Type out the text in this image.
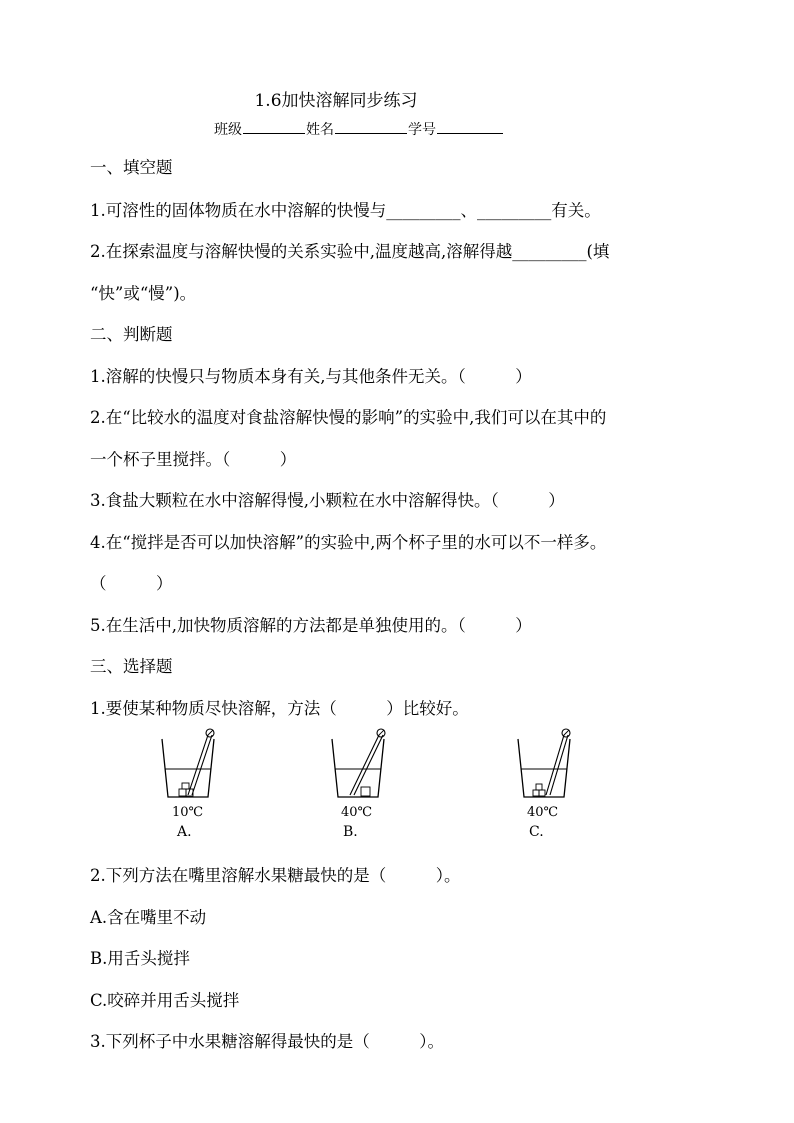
1.6加快溶解同步练习
班级	姓名	学号
一、填空题
1.可溶性的固体物质在水中溶解的快慢与_________、_________有关。
2.在探索温度与溶解快慢的关系实验中,温度越高,溶解得越_________(填
“快”或“慢”)。
二、判断题
1.溶解的快慢只与物质本身有关,与其他条件无关。（　　　）
2.在“比较水的温度对食盐溶解快慢的影响”的实验中,我们可以在其中的
一个杯子里搅拌。（　　　）
3.食盐大颗粒在水中溶解得慢,小颗粒在水中溶解得快。（　　　）
4.在“搅拌是否可以加快溶解”的实验中,两个杯子里的水可以不一样多。
（　　　）
5.在生活中,加快物质溶解的方法都是单独使用的。（　　　）
三、选择题
1.要使某种物质尽快溶解，方法（　　　）比较好。
10℃
A.
40℃
B.
40℃
C.
2.下列方法在嘴里溶解水果糖最快的是（　　　）。
A.含在嘴里不动
B.用舌头搅拌
C.咬碎并用舌头搅拌
3.下列杯子中水果糖溶解得最快的是（　　　）。
